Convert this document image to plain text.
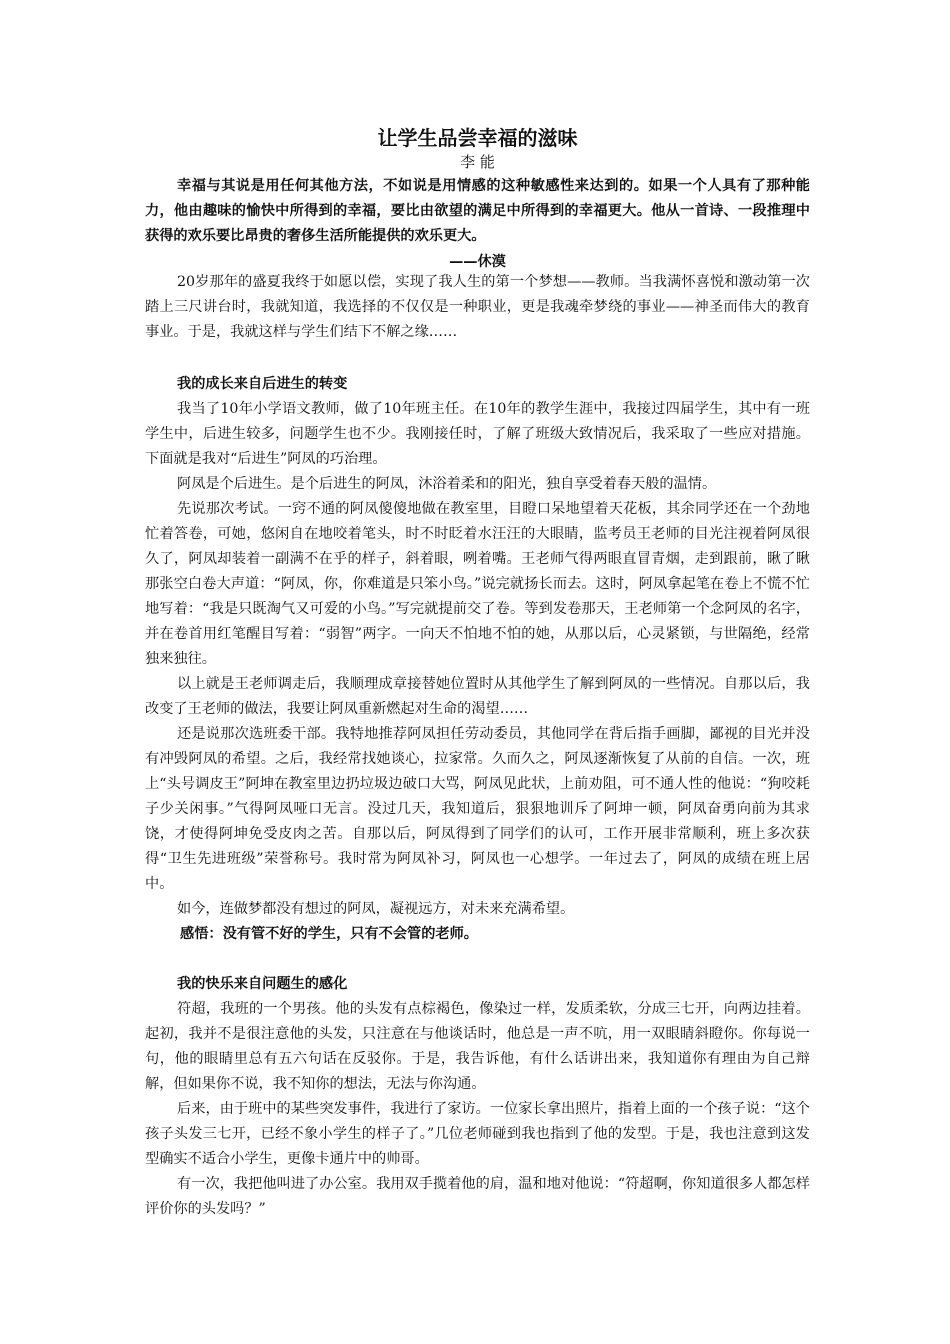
让学生品尝幸福的滋味
李 能
幸福与其说是用任何其他方法，不如说是用情感的这种敏感性来达到的。如果一个人具有了那种能力，他由趣味的愉快中所得到的幸福，要比由欲望的满足中所得到的幸福更大。他从一首诗、一段推理中获得的欢乐要比昂贵的奢侈生活所能提供的欢乐更大。
——休漠

20岁那年的盛夏我终于如愿以偿，实现了我人生的第一个梦想——教师。当我满怀喜悦和激动第一次踏上三尺讲台时，我就知道，我选择的不仅仅是一种职业，更是我魂牵梦绕的事业——神圣而伟大的教育事业。于是，我就这样与学生们结下不解之缘……

我的成长来自后进生的转变

我当了10年小学语文教师，做了10年班主任。在10年的教学生涯中，我接过四届学生，其中有一班学生中，后进生较多，问题学生也不少。我刚接任时，了解了班级大致情况后，我采取了一些应对措施。下面就是我对“后进生”阿凤的巧治理。

阿凤是个后进生。是个后进生的阿凤，沐浴着柔和的阳光，独自享受着春天般的温情。

先说那次考试。一窍不通的阿凤傻傻地做在教室里，目瞪口呆地望着天花板，其余同学还在一个劲地忙着答卷，可她，悠闲自在地咬着笔头，时不时眨着水汪汪的大眼睛，监考员王老师的目光注视着阿凤很久了，阿凤却装着一副满不在乎的样子，斜着眼，咧着嘴。王老师气得两眼直冒青烟，走到跟前，瞅了瞅那张空白卷大声道：“阿凤，你，你难道是只笨小鸟。”说完就扬长而去。这时，阿凤拿起笔在卷上不慌不忙地写着：“我是只既淘气又可爱的小鸟。”写完就提前交了卷。等到发卷那天，王老师第一个念阿凤的名字，并在卷首用红笔醒目写着：“弱智”两字。一向天不怕地不怕的她，从那以后，心灵紧锁，与世隔绝，经常独来独往。

以上就是王老师调走后，我顺理成章接替她位置时从其他学生了解到阿凤的一些情况。自那以后，我改变了王老师的做法，我要让阿凤重新燃起对生命的渴望……

还是说那次选班委干部。我特地推荐阿凤担任劳动委员，其他同学在背后指手画脚，鄙视的目光并没有冲毁阿凤的希望。之后，我经常找她谈心，拉家常。久而久之，阿凤逐渐恢复了从前的自信。一次，班上“头号调皮王”阿坤在教室里边扔垃圾边破口大骂，阿凤见此状，上前劝阻，可不通人性的他说：“狗咬耗子少关闲事。”气得阿凤哑口无言。没过几天，我知道后，狠狠地训斥了阿坤一顿，阿凤奋勇向前为其求饶，才使得阿坤免受皮肉之苦。自那以后，阿凤得到了同学们的认可，工作开展非常顺利，班上多次获得“卫生先进班级”荣誉称号。我时常为阿凤补习，阿凤也一心想学。一年过去了，阿凤的成绩在班上居中。

如今，连做梦都没有想过的阿凤，凝视远方，对未来充满希望。

感悟：没有管不好的学生，只有不会管的老师。
我的快乐来自问题生的感化

符超，我班的一个男孩。他的头发有点棕褐色，像染过一样，发质柔软，分成三七开，向两边挂着。起初，我并不是很注意他的头发，只注意在与他谈话时，他总是一声不吭，用一双眼睛斜瞪你。你每说一句，他的眼睛里总有五六句话在反驳你。于是，我告诉他，有什么话讲出来，我知道你有理由为自己辩解，但如果你不说，我不知你的想法，无法与你沟通。

后来，由于班中的某些突发事件，我进行了家访。一位家长拿出照片，指着上面的一个孩子说：“这个孩子头发三七开，已经不象小学生的样子了。”几位老师碰到我也指到了他的发型。于是，我也注意到这发型确实不适合小学生，更像卡通片中的帅哥。

有一次，我把他叫进了办公室。我用双手揽着他的肩，温和地对他说：“符超啊，你知道很多人都怎样评价你的头发吗？”
